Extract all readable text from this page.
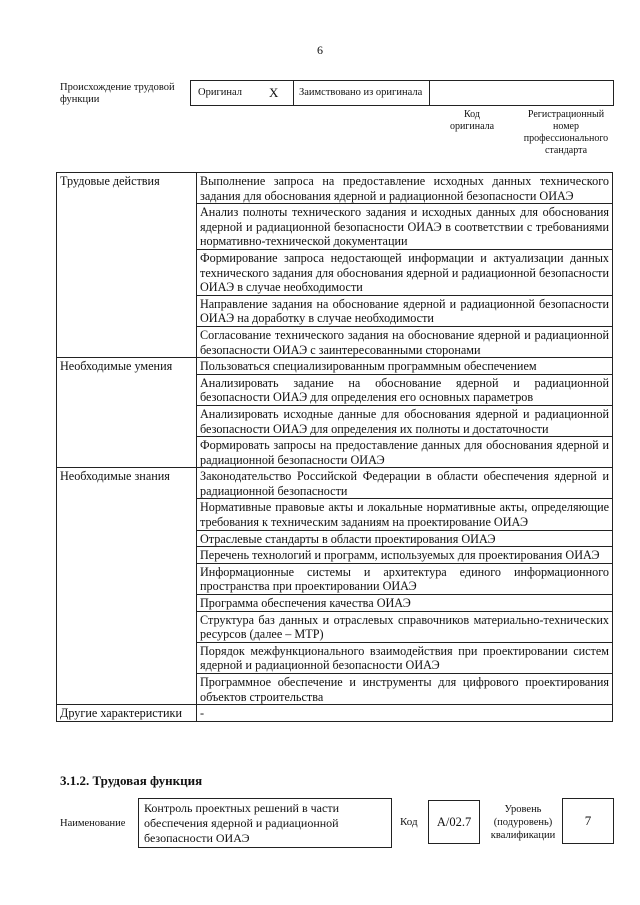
6
Происхождение трудовой функции
Оригинал X Заимствовано из оригинала
Код оригинала
Регистрационный номер профессионального стандарта
Трудовые действия	Выполнение запроса на предоставление исходных данных технического задания для обоснования ядерной и радиационной безопасности ОИАЭ
	Анализ полноты технического задания и исходных данных для обоснования ядерной и радиационной безопасности ОИАЭ в соответствии с требованиями нормативно-технической документации
	Формирование запроса недостающей информации и актуализации данных технического задания для обоснования ядерной и радиационной безопасности ОИАЭ в случае необходимости
	Направление задания на обоснование ядерной и радиационной безопасности ОИАЭ на доработку в случае необходимости
	Согласование технического задания на обоснование ядерной и радиационной безопасности ОИАЭ с заинтересованными сторонами
Необходимые умения	Пользоваться специализированным программным обеспечением
	Анализировать задание на обоснование ядерной и радиационной безопасности ОИАЭ для определения его основных параметров
	Анализировать исходные данные для обоснования ядерной и радиационной безопасности ОИАЭ для определения их полноты и достаточности
	Формировать запросы на предоставление данных для обоснования ядерной и радиационной безопасности ОИАЭ
Необходимые знания	Законодательство Российской Федерации в области обеспечения ядерной и радиационной безопасности
	Нормативные правовые акты и локальные нормативные акты, определяющие требования к техническим заданиям на проектирование ОИАЭ
	Отраслевые стандарты в области проектирования ОИАЭ
	Перечень технологий и программ, используемых для проектирования ОИАЭ
	Информационные системы и архитектура единого информационного пространства при проектировании ОИАЭ
	Программа обеспечения качества ОИАЭ
	Структура баз данных и отраслевых справочников материально-технических ресурсов (далее – МТР)
	Порядок межфункционального взаимодействия при проектировании систем ядерной и радиационной безопасности ОИАЭ
	Программное обеспечение и инструменты для цифрового проектирования объектов строительства
Другие характеристики	-
3.1.2. Трудовая функция
Наименование
Контроль проектных решений в части обеспечения ядерной и радиационной безопасности ОИАЭ
Код	A/02.7
Уровень (подуровень) квалификации
7
